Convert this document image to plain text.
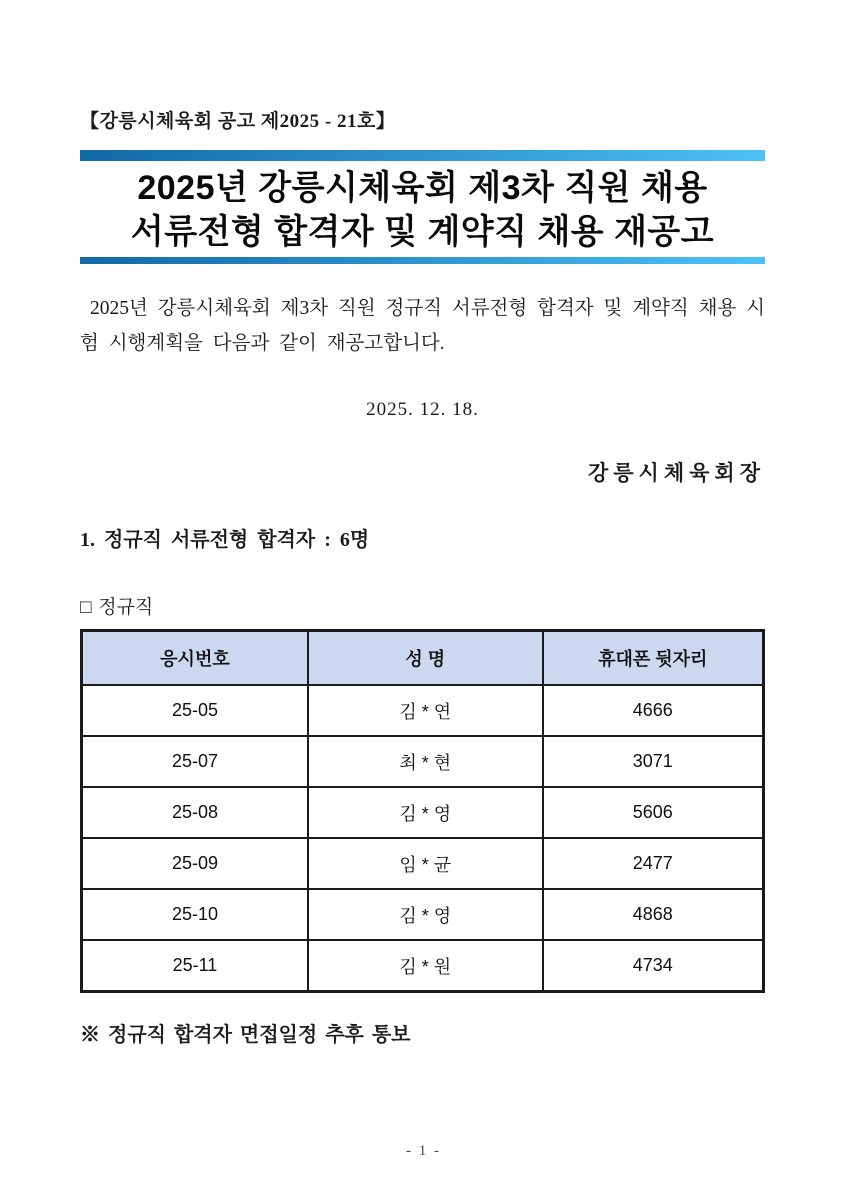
【강릉시체육회 공고 제2025 - 21호】
2025년 강릉시체육회 제3차 직원 채용
서류전형 합격자 및 계약직 채용 재공고
2025년 강릉시체육회 제3차 직원 정규직 서류전형 합격자 및 계약직 채용 시험 시행계획을 다음과 같이 재공고합니다.
2025. 12. 18.
강릉시체육회장
1. 정규직 서류전형 합격자 : 6명
□ 정규직
응시번호	성 명	휴대폰 뒷자리
25-05	김 * 연	4666
25-07	최 * 현	3071
25-08	김 * 영	5606
25-09	임 * 균	2477
25-10	김 * 영	4868
25-11	김 * 원	4734
※ 정규직 합격자 면접일정 추후 통보
- 1 -
